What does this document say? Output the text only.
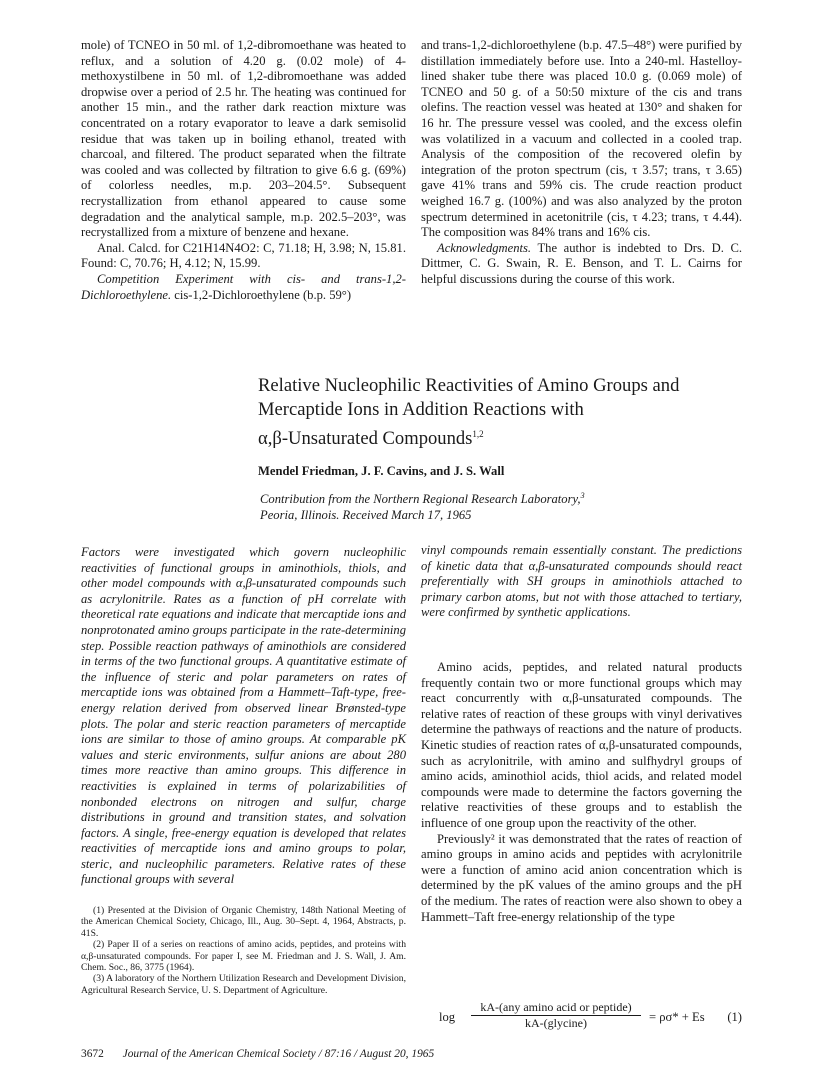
mole) of TCNEO in 50 ml. of 1,2-dibromoethane was heated to reflux, and a solution of 4.20 g. (0.02 mole) of 4-methoxystilbene in 50 ml. of 1,2-dibromoethane was added dropwise over a period of 2.5 hr. The heating was continued for another 15 min., and the rather dark reaction mixture was concentrated on a rotary evaporator to leave a dark semisolid residue that was taken up in boiling ethanol, treated with charcoal, and filtered. The product separated when the filtrate was cooled and was collected by filtration to give 6.6 g. (69%) of colorless needles, m.p. 203–204.5°. Subsequent recrystallization from ethanol appeared to cause some degradation and the analytical sample, m.p. 202.5–203°, was recrystallized from a mixture of benzene and hexane.

Anal. Calcd. for C21H14N4O2: C, 71.18; H, 3.98; N, 15.81. Found: C, 70.76; H, 4.12; N, 15.99.

Competition Experiment with cis- and trans-1,2-Dichloroethylene. cis-1,2-Dichloroethylene (b.p. 59°)

and trans-1,2-dichloroethylene (b.p. 47.5–48°) were purified by distillation immediately before use. Into a 240-ml. Hastelloy-lined shaker tube there was placed 10.0 g. (0.069 mole) of TCNEO and 50 g. of a 50:50 mixture of the cis and trans olefins. The reaction vessel was heated at 130° and shaken for 16 hr. The pressure vessel was cooled, and the excess olefin was volatilized in a vacuum and collected in a cooled trap. Analysis of the composition of the recovered olefin by integration of the proton spectrum (cis, τ 3.57; trans, τ 3.65) gave 41% trans and 59% cis. The crude reaction product weighed 16.7 g. (100%) and was also analyzed by the proton spectrum determined in acetonitrile (cis, τ 4.23; trans, τ 4.44). The composition was 84% trans and 16% cis.

Acknowledgments. The author is indebted to Drs. D. C. Dittmer, C. G. Swain, R. E. Benson, and T. L. Cairns for helpful discussions during the course of this work.

Relative Nucleophilic Reactivities of Amino Groups and
Mercaptide Ions in Addition Reactions with
α,β-Unsaturated Compounds$^{1,2}$

Mendel Friedman, J. F. Cavins, and J. S. Wall

Contribution from the Northern Regional Research Laboratory,$^3$
Peoria, Illinois. Received March 17, 1965

Factors were investigated which govern nucleophilic reactivities of functional groups in aminothiols, thiols, and other model compounds with α,β-unsaturated compounds such as acrylonitrile. Rates as a function of pH correlate with theoretical rate equations and indicate that mercaptide ions and nonprotonated amino groups participate in the rate-determining step. Possible reaction pathways of aminothiols are considered in terms of the two functional groups. A quantitative estimate of the influence of steric and polar parameters on rates of mercaptide ions was obtained from a Hammett–Taft-type, free-energy relation derived from observed linear Brønsted-type plots. The polar and steric reaction parameters of mercaptide ions are similar to those of amino groups. At comparable pK values and steric environments, sulfur anions are about 280 times more reactive than amino groups. This difference in reactivities is explained in terms of polarizabilities of nonbonded electrons on nitrogen and sulfur, charge distributions in ground and transition states, and solvation factors. A single, free-energy equation is developed that relates reactivities of mercaptide ions and amino groups to polar, steric, and nucleophilic parameters. Relative rates of these functional groups with several
vinyl compounds remain essentially constant. The predictions of kinetic data that α,β-unsaturated compounds should react preferentially with SH groups in aminothiols attached to primary carbon atoms, but not with those attached to tertiary, were confirmed by synthetic applications.

Amino acids, peptides, and related natural products frequently contain two or more functional groups which may react concurrently with α,β-unsaturated compounds. The relative rates of reaction of these groups with vinyl derivatives determine the pathways of reactions and the nature of products. Kinetic studies of reaction rates of α,β-unsaturated compounds, such as acrylonitrile, with amino and sulfhydryl groups of amino acids, aminothiol acids, thiol acids, and related model compounds were made to determine the factors governing the relative reactivities of these groups and to establish the influence of one group upon the reactivity of the other.

Previously² it was demonstrated that the rates of reaction of amino groups in amino acids and peptides with acrylonitrile were a function of amino acid anion concentration which is determined by the pK values of the amino groups and the pH of the medium. The rates of reaction were also shown to obey a Hammett–Taft free-energy relationship of the type

log
kA-(any amino acid or peptide)
kA-(glycine)	= ρσ* + Es (1)

(1) Presented at the Division of Organic Chemistry, 148th National Meeting of the American Chemical Society, Chicago, Ill., Aug. 30–Sept. 4, 1964, Abstracts, p. 41S.

(2) Paper II of a series on reactions of amino acids, peptides, and proteins with α,β-unsaturated compounds. For paper I, see M. Friedman and J. S. Wall, J. Am. Chem. Soc., 86, 3775 (1964).

(3) A laboratory of the Northern Utilization Research and Development Division, Agricultural Research Service, U. S. Department of Agriculture.

3672 Journal of the American Chemical Society / 87:16 / August 20, 1965
